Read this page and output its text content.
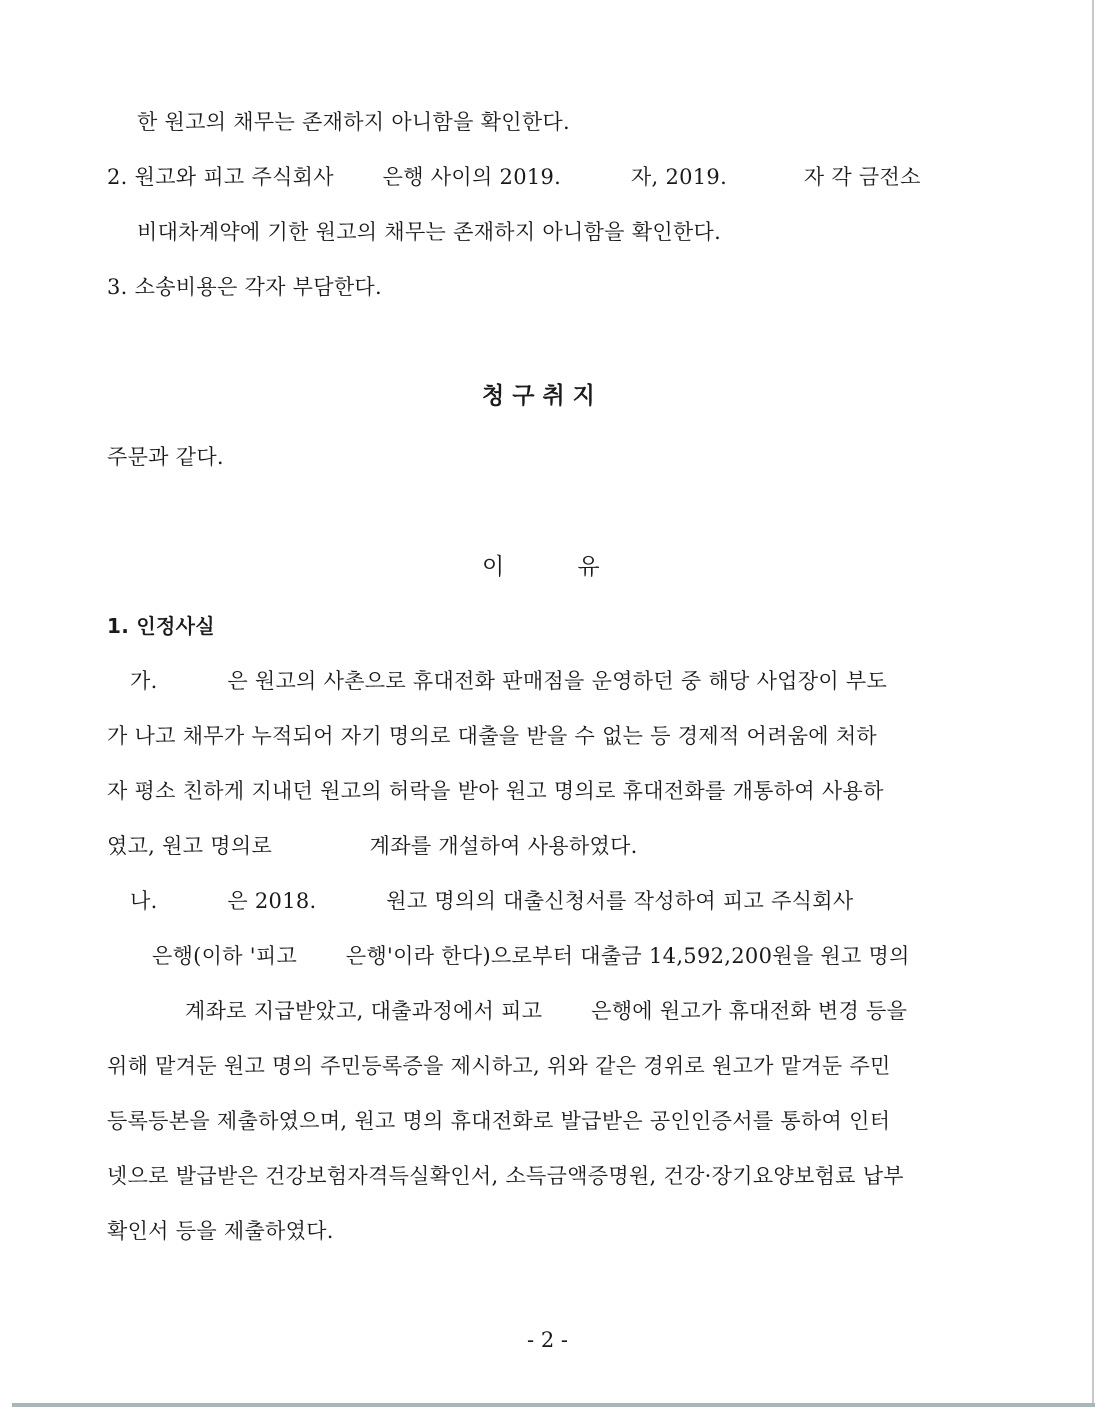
한 원고의 채무는 존재하지 아니함을 확인한다.
2. 원고와 피고 주식회사       은행 사이의 2019.          자, 2019.           자 각 금전소
비대차계약에 기한 원고의 채무는 존재하지 아니함을 확인한다.
3. 소송비용은 각자 부담한다.
청 구 취 지
주문과 같다.
이          유
1. 인정사실
가.          은 원고의 사촌으로 휴대전화 판매점을 운영하던 중 해당 사업장이 부도
가 나고 채무가 누적되어 자기 명의로 대출을 받을 수 없는 등 경제적 어려움에 처하
자 평소 친하게 지내던 원고의 허락을 받아 원고 명의로 휴대전화를 개통하여 사용하
였고, 원고 명의로              계좌를 개설하여 사용하였다.
나.          은 2018.          원고 명의의 대출신청서를 작성하여 피고 주식회사
은행(이하 '피고       은행'이라 한다)으로부터 대출금 14,592,200원을 원고 명의
계좌로 지급받았고, 대출과정에서 피고       은행에 원고가 휴대전화 변경 등을
위해 맡겨둔 원고 명의 주민등록증을 제시하고, 위와 같은 경위로 원고가 맡겨둔 주민
등록등본을 제출하였으며, 원고 명의 휴대전화로 발급받은 공인인증서를 통하여 인터
넷으로 발급받은 건강보험자격득실확인서, 소득금액증명원, 건강·장기요양보험료 납부
확인서 등을 제출하였다.
- 2 -
